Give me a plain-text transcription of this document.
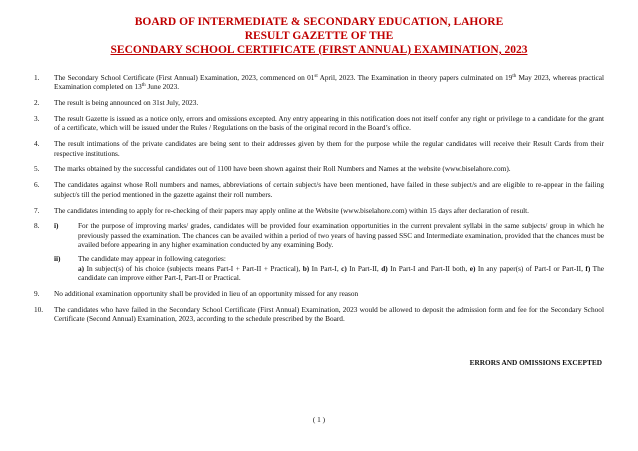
BOARD OF INTERMEDIATE & SECONDARY EDUCATION, LAHORE
RESULT GAZETTE OF THE
SECONDARY SCHOOL CERTIFICATE (FIRST ANNUAL) EXAMINATION, 2023
1. The Secondary School Certificate (First Annual) Examination, 2023, commenced on 01st April, 2023. The Examination in theory papers culminated on 19th May 2023, whereas practical Examination completed on 13th June 2023.
2. The result is being announced on 31st July, 2023.
3. The result Gazette is issued as a notice only, errors and omissions excepted. Any entry appearing in this notification does not itself confer any right or privilege to a candidate for the grant of a certificate, which will be issued under the Rules / Regulations on the basis of the original record in the Board’s office.
4. The result intimations of the private candidates are being sent to their addresses given by them for the purpose while the regular candidates will receive their Result Cards from their respective institutions.
5. The marks obtained by the successful candidates out of 1100 have been shown against their Roll Numbers and Names at the website (www.biselahore.com).
6. The candidates against whose Roll numbers and names, abbreviations of certain subject/s have been mentioned, have failed in these subject/s and are eligible to re-appear in the failing subject/s till the period mentioned in the gazette against their roll numbers.
7. The candidates intending to apply for re-checking of their papers may apply online at the Website (www.biselahore.com) within 15 days after declaration of result.
8. i)	For the purpose of improving marks/ grades, candidates will be provided four examination opportunities in the current prevalent syllabi in the same subjects/ group in which he previously passed the examination. The chances can be availed within a period of two years of having passed SSC and Intermediate examination, provided that the chances must be availed before appearing in any higher examination conducted by any examining Body.
ii) The candidate may appear in following categories:
a) In subject(s) of his choice (subjects means Part-I + Part-II + Practical), b) In Part-I, c) In Part-II, d) In Part-I and Part-II both, e) In any paper(s) of Part-I or Part-II, f) The candidate can improve either Part-I, Part-II or Practical.
9. No additional examination opportunity shall be provided in lieu of an opportunity missed for any reason
10. The candidates who have failed in the Secondary School Certificate (First Annual) Examination, 2023 would be allowed to deposit the admission form and fee for the Secondary School Certificate (Second Annual) Examination, 2023, according to the schedule prescribed by the Board.
ERRORS AND OMISSIONS EXCEPTED
( 1 )
